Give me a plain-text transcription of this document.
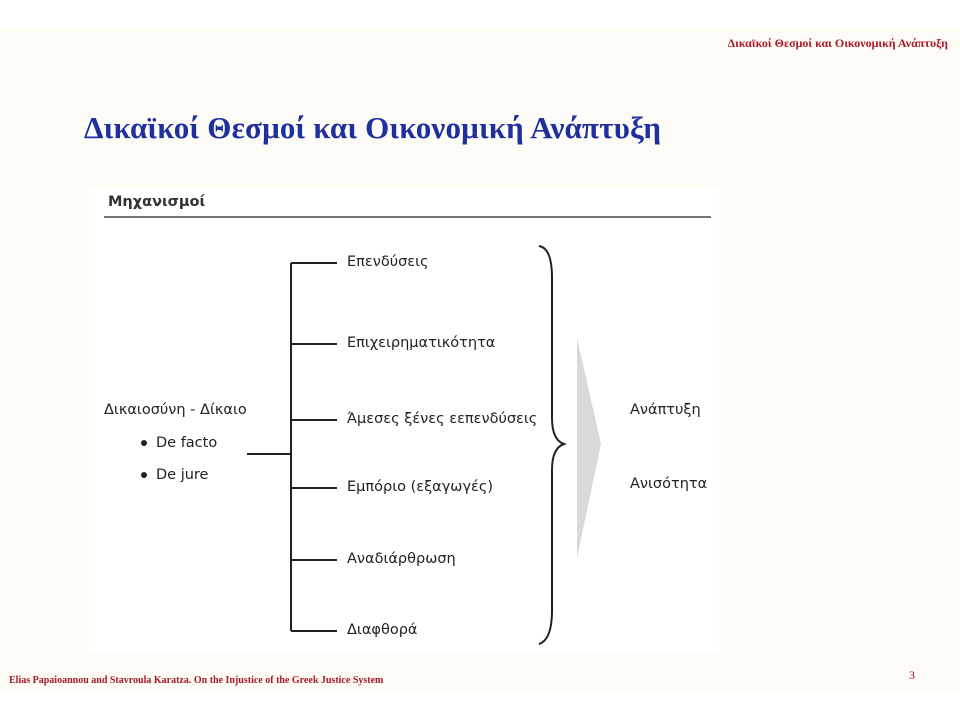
Δικαϊκοί Θεσμοί και Οικονομική Ανάπτυξη
Δικαϊκοί Θεσμοί και Οικονομική Ανάπτυξη
Μηχανισμοί
Δικαιοσύνη - Δίκαιο
De facto
De jure
Επενδύσεις
Επιχειρηματικότητα
Άμεσες ξένες εεπενδύσεις
Εμπόριο (εξαγωγές)
Αναδιάρθρωση
Διαφθορά
Ανάπτυξη
Ανισότητα
Elias Papaioannou and Stavroula Karatza. On the Injustice of the Greek Justice System	3
